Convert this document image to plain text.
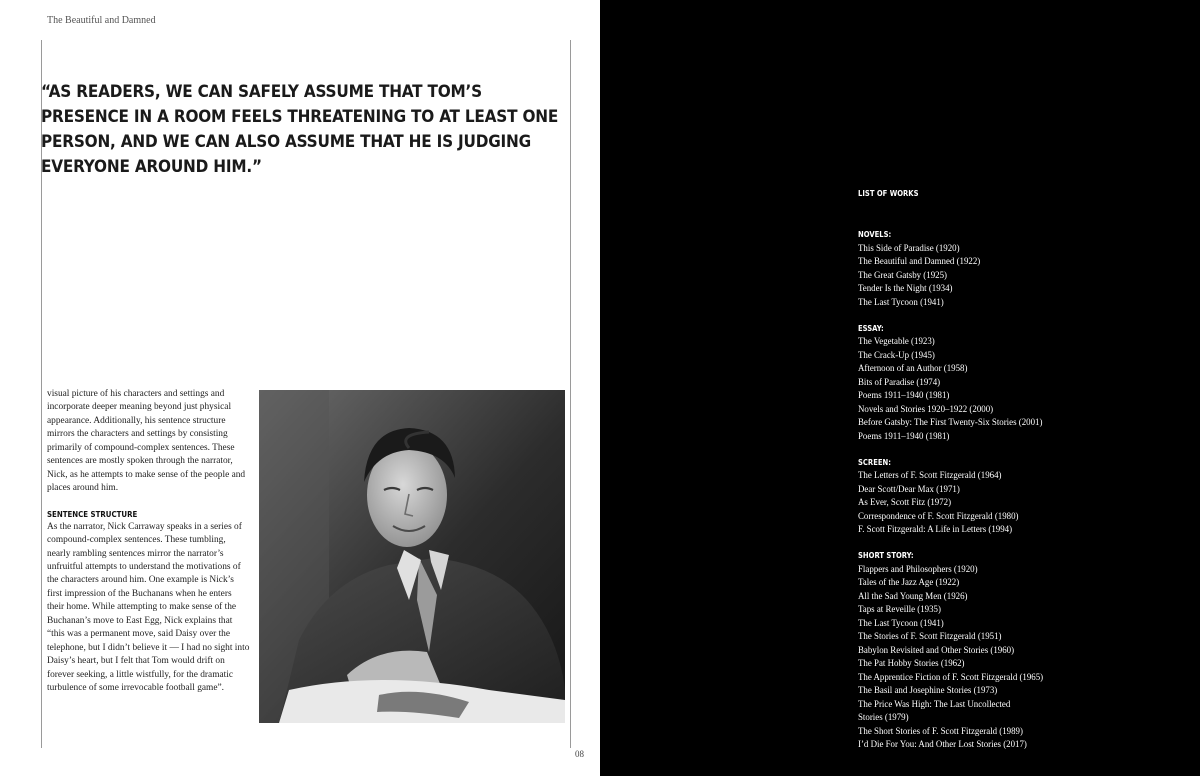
The Beautiful and Damned
“AS READERS, WE CAN SAFELY ASSUME THAT TOM’S PRESENCE IN A ROOM FEELS THREATENING TO AT LEAST ONE PERSON, AND WE CAN ALSO ASSUME THAT HE IS JUDGING EVERYONE AROUND HIM.”

visual picture of his characters and settings and incorporate deeper meaning beyond just physical appearance. Additionally, his sentence structure mirrors the characters and settings by consisting primarily of compound-complex sentences. These sentences are mostly spoken through the narrator, Nick, as he attempts to make sense of the people and places around him.

SENTENCE STRUCTURE

As the narrator, Nick Carraway speaks in a series of compound-complex sentences. These tumbling, nearly rambling sentences mirror the narrator’s unfruitful attempts to understand the motivations of the characters around him. One example is Nick’s first impression of the Buchanans when he enters their home. While attempting to make sense of the Buchanan’s move to East Egg, Nick explains that “this was a permanent move, said Daisy over the telephone, but I didn’t believe it — I had no sight into Daisy’s heart, but I felt that Tom would drift on forever seeking, a little wistfully, for the dramatic turbulence of some irrevocable football game”.

08
LIST OF WORKS
NOVELS:
This Side of Paradise (1920)
The Beautiful and Damned (1922)
The Great Gatsby (1925)
Tender Is the Night (1934)
The Last Tycoon (1941)
ESSAY:
The Vegetable (1923)
The Crack-Up (1945)
Afternoon of an Author (1958)
Bits of Paradise (1974)
Poems 1911–1940 (1981)
Novels and Stories 1920–1922 (2000)
Before Gatsby: The First Twenty-Six Stories (2001)
Poems 1911–1940 (1981)
SCREEN:
The Letters of F. Scott Fitzgerald (1964)
Dear Scott/Dear Max (1971)
As Ever, Scott Fitz (1972)
Correspondence of F. Scott Fitzgerald (1980)
F. Scott Fitzgerald: A Life in Letters (1994)
SHORT STORY:
Flappers and Philosophers (1920)
Tales of the Jazz Age (1922)
All the Sad Young Men (1926)
Taps at Reveille (1935)
The Last Tycoon (1941)
The Stories of F. Scott Fitzgerald (1951)
Babylon Revisited and Other Stories (1960)
The Pat Hobby Stories (1962)
The Apprentice Fiction of F. Scott Fitzgerald (1965)
The Basil and Josephine Stories (1973)
The Price Was High: The Last Uncollected
Stories (1979)
The Short Stories of F. Scott Fitzgerald (1989)
I’d Die For You: And Other Lost Stories (2017)
